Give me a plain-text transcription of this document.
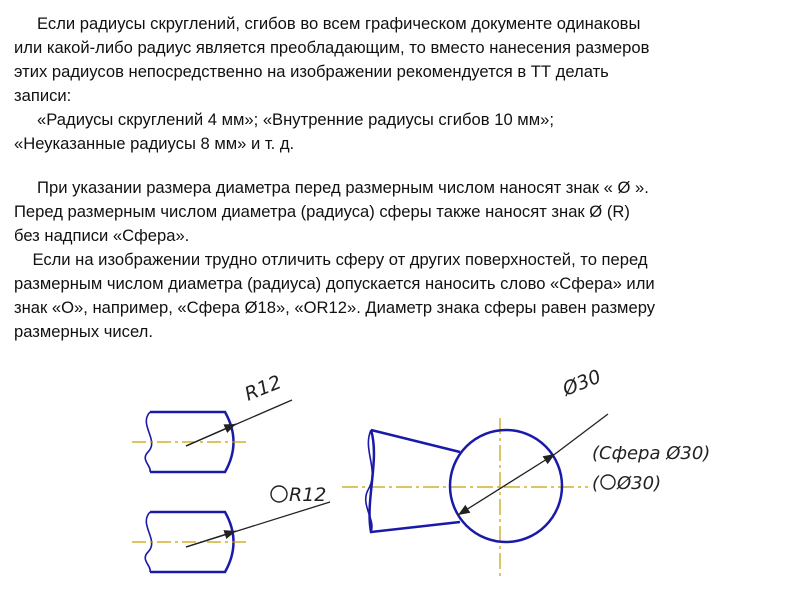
Если радиусы скруглений, сгибов во всем графическом документе одинаковы
или какой-либо радиус является преобладающим, то вместо нанесения размеров
этих радиусов непосредственно на изображении рекомендуется в ТТ делать
записи:
«Радиусы скруглений 4 мм»; «Внутренние радиусы сгибов 10 мм»;
«Неуказанные радиусы 8 мм» и т. д.
При указании размера диаметра перед размерным числом наносят знак « Ø ».
Перед размерным числом диаметра (радиуса) сферы также наносят знак Ø (R)
без надписи «Сфера».
Если на изображении трудно отличить сферу от других поверхностей, то перед
размерным числом диаметра (радиуса) допускается наносить слово «Сфера» или
знак «О», например, «Сфера Ø18», «OR12». Диаметр знака сферы равен размеру
размерных чисел.
R12
R12
Ø30
(Сфера Ø30)
( Ø30)
